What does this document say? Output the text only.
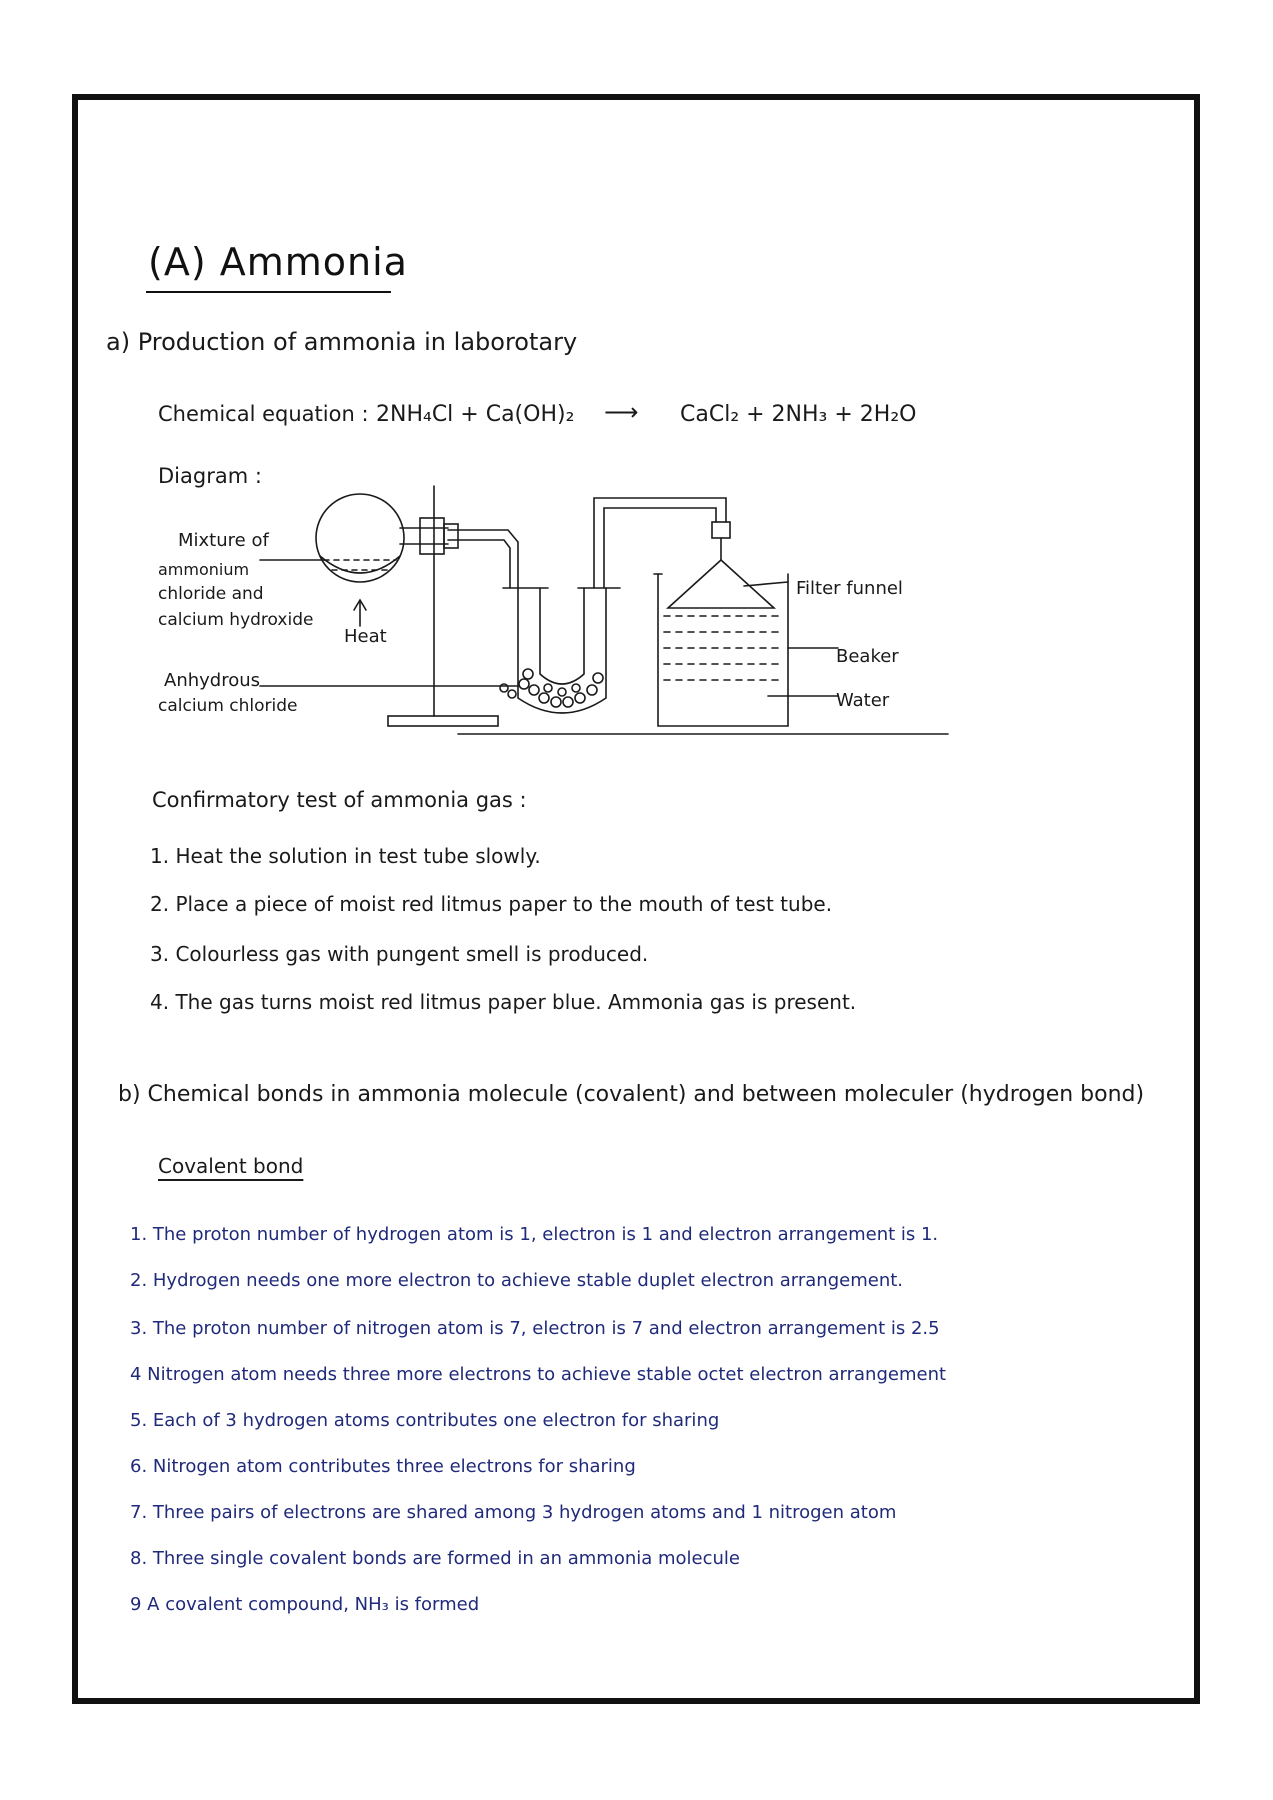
(A) Ammonia
a) Production of ammonia in laborotary
Chemical equation : 2NH₄Cl + Ca(OH)₂ ⟶ CaCl₂ + 2NH₃ + 2H₂O
Diagram :
Mixture of
ammonium
chloride and
calcium hydroxide
Heat
Anhydrous
calcium chloride
Filter funnel
Beaker
Water
Confirmatory test of ammonia gas :
1. Heat the solution in test tube slowly.
2. Place a piece of moist red litmus paper to the mouth of test tube.
3. Colourless gas with pungent smell is produced.
4. The gas turns moist red litmus paper blue. Ammonia gas is present.
b) Chemical bonds in ammonia molecule (covalent) and between moleculer (hydrogen bond)
Covalent bond
1. The proton number of hydrogen atom is 1, electron is 1 and electron arrangement is 1.
2. Hydrogen needs one more electron to achieve stable duplet electron arrangement.
3. The proton number of nitrogen atom is 7, electron is 7 and electron arrangement is 2.5
4 Nitrogen atom needs three more electrons to achieve stable octet electron arrangement
5. Each of 3 hydrogen atoms contributes one electron for sharing
6. Nitrogen atom contributes three electrons for sharing
7. Three pairs of electrons are shared among 3 hydrogen atoms and 1 nitrogen atom
8. Three single covalent bonds are formed in an ammonia molecule
9 A covalent compound, NH₃ is formed
